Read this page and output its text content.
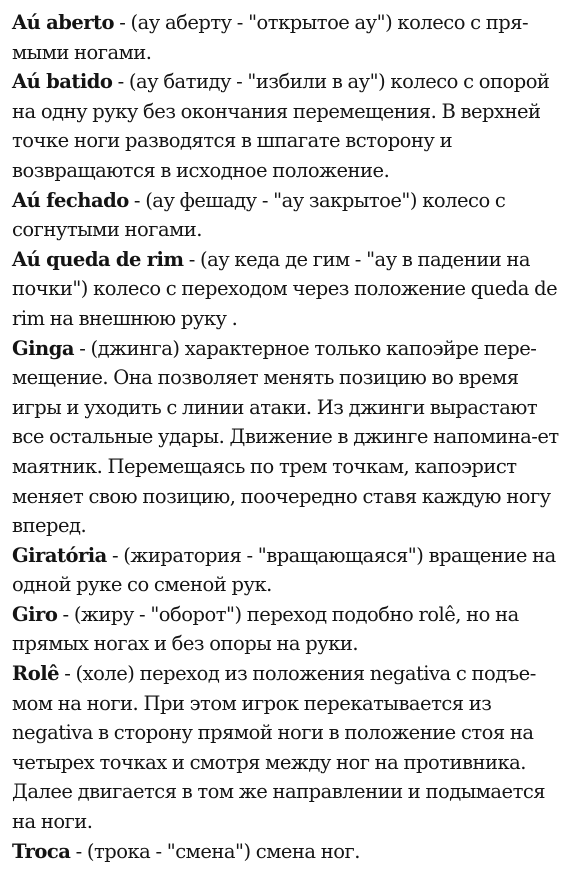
Aú aberto - (ау аберту - "открытое ау") колесо с пря-мыми ногами.

Aú batido - (ау батиду - "избили в ау") колесо с опорой на одну руку без окончания перемещения. В верхней точке ноги разводятся в шпагате всторону и возвращаются в исходное положение.

Aú fechado - (ау фешаду - "ау закрытое") колесо с согнутыми ногами.

Aú queda de rim - (ау кеда де гим - "ау в падении на почки") колесо с переходом через положение queda de rim на внешнюю руку .

Ginga - (джинга) характерное только капоэйре пере-мещение. Она позволяет менять позицию во время игры и уходить с линии атаки. Из джинги вырастают все остальные удары. Движение в джинге напомина-ет маятник. Перемещаясь по трем точкам, капоэрист меняет свою позицию, поочередно ставя каждую ногу вперед.

Giratória - (жиратория - "вращающаяся") вращение на одной руке со сменой рук.

Giro - (жиру - "оборот") переход подобно rolê, но на прямых ногах и без опоры на руки.

Rolê - (холе) переход из положения negativa с подъе-мом на ноги. При этом игрок перекатывается из negativa в сторону прямой ноги в положение стоя на четырех точках и смотря между ног на противника. Далее двигается в том же направлении и подымается на ноги.

Troca - (трока - "смена") смена ног.
